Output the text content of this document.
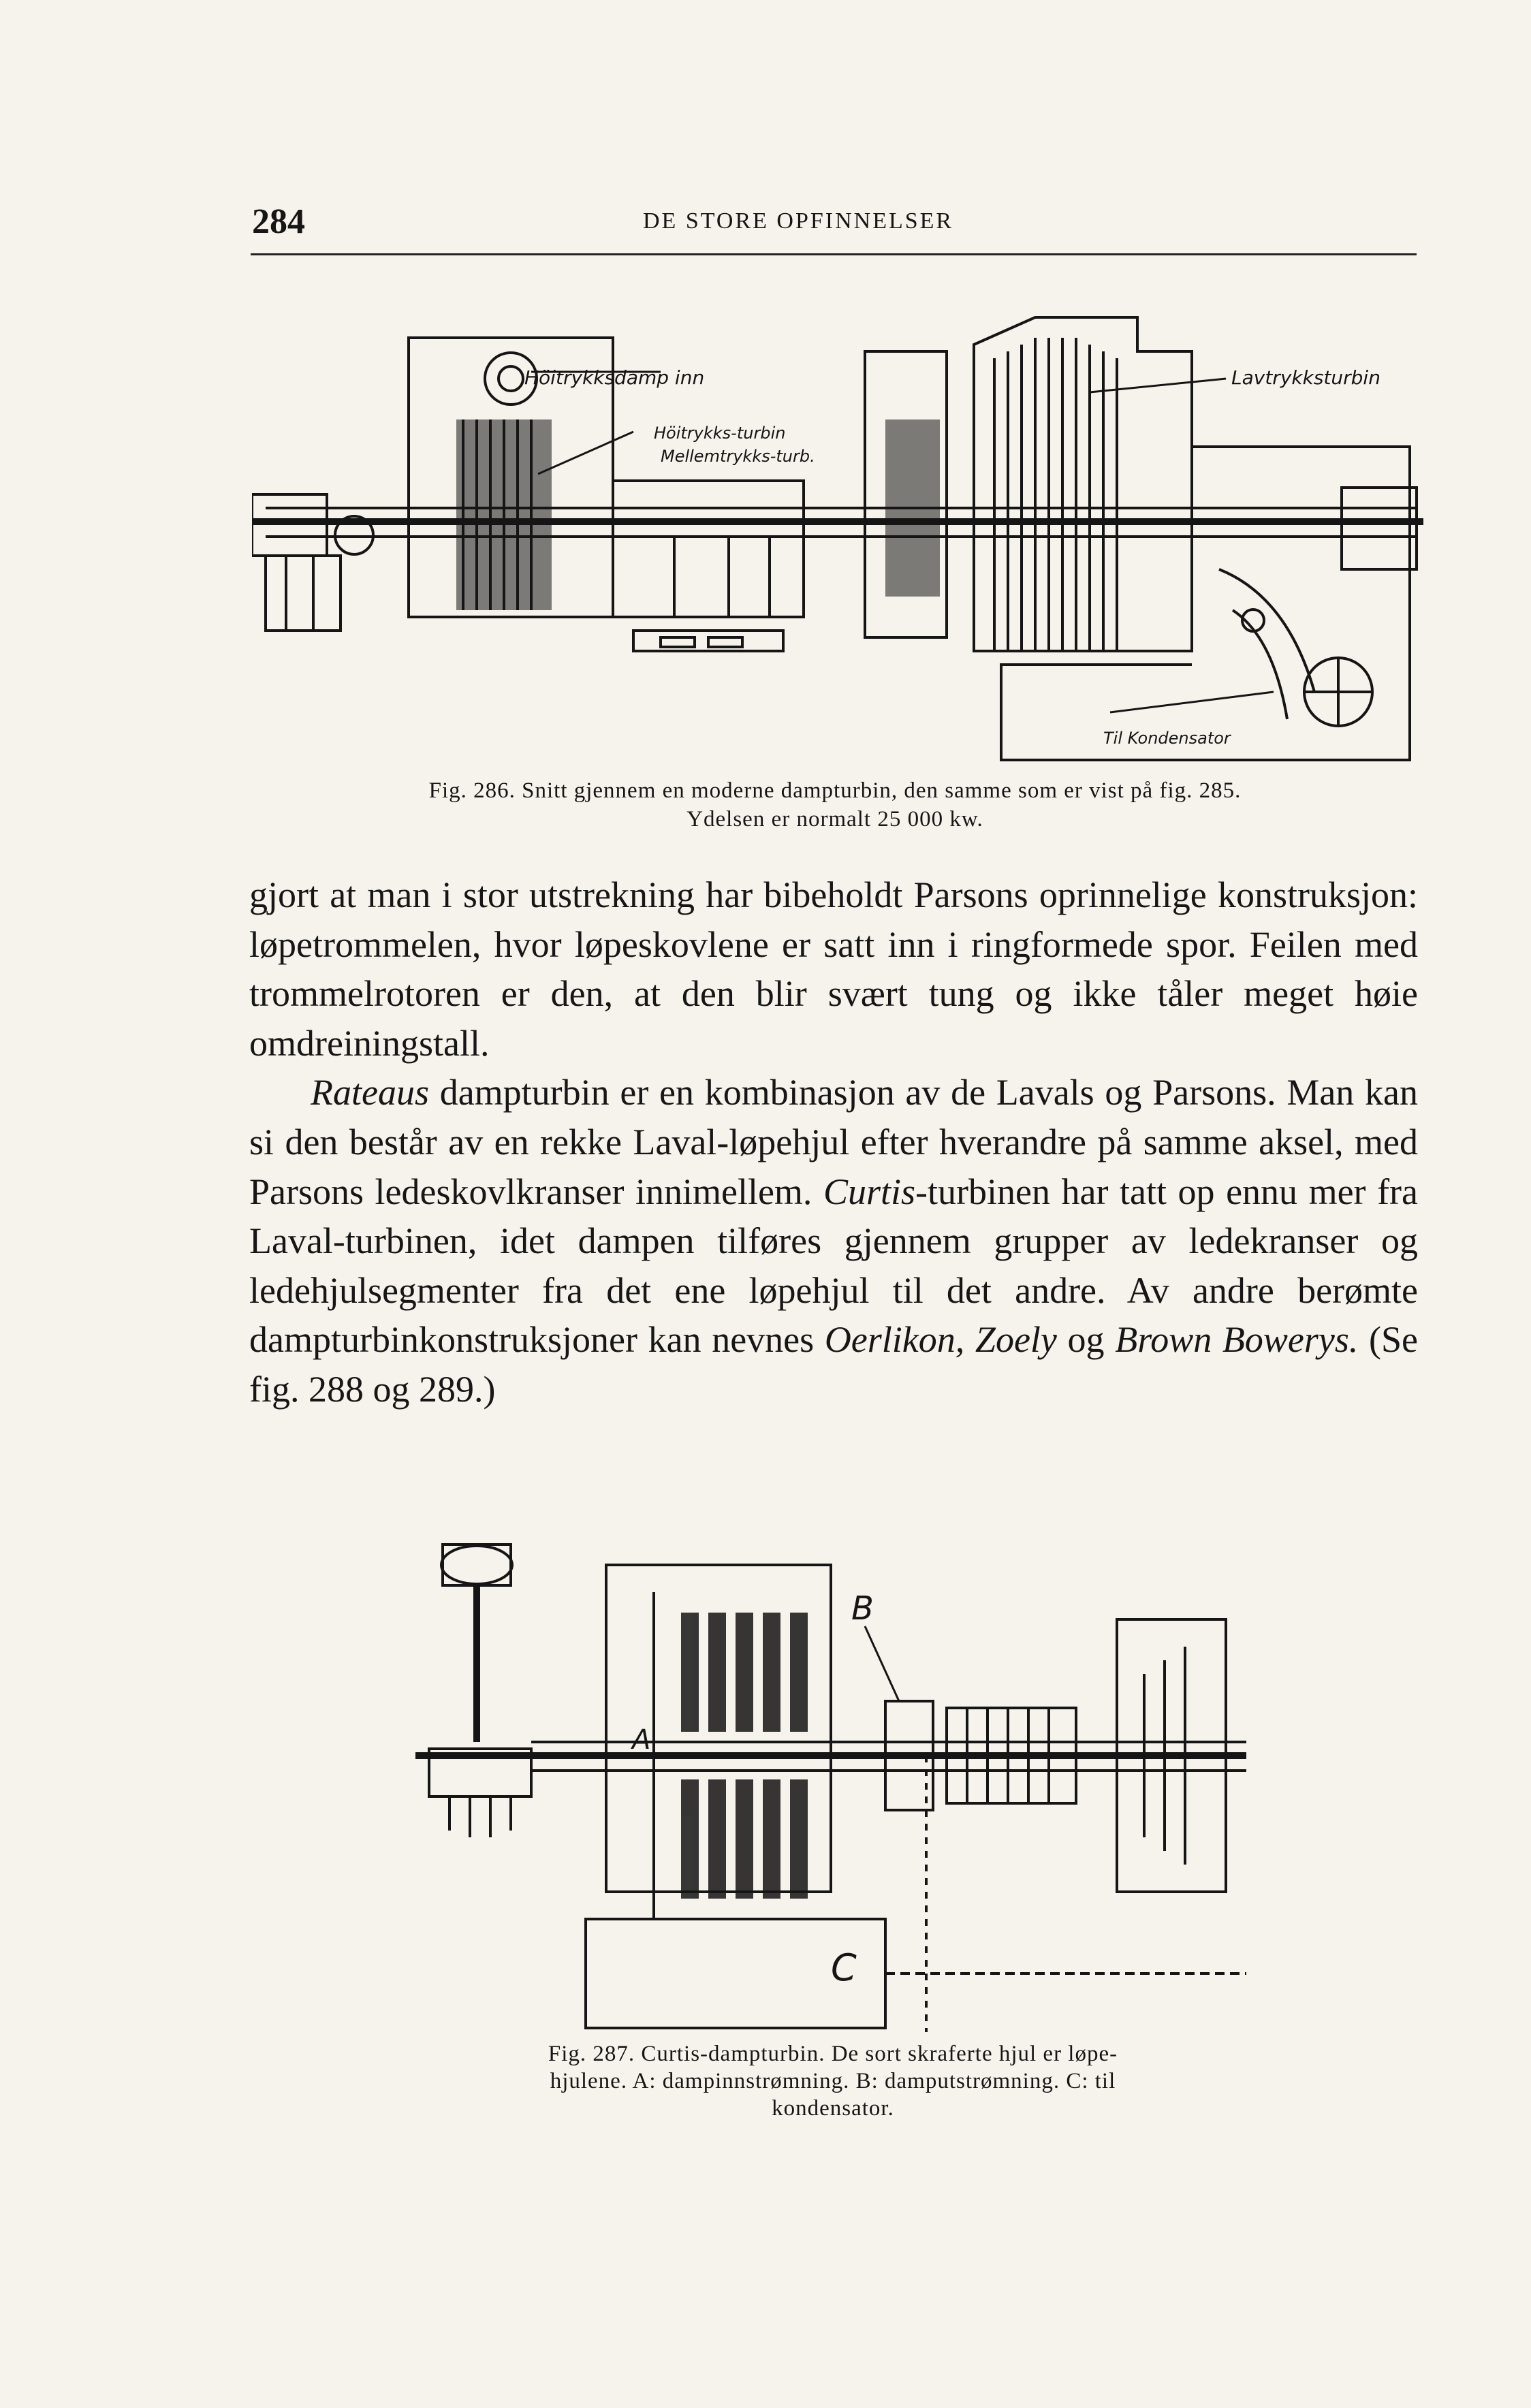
284	DE STORE OPFINNELSER
Höitrykksdamp inn
Höitrykks-turbin
Mellemtrykks-turb.
Lavtrykksturbin
Til Kondensator
Fig. 286. Snitt gjennem en moderne dampturbin, den samme som er vist på fig. 285.
Ydelsen er normalt 25 000 kw.

gjort at man i stor utstrekning har bibeholdt Parsons oprinnelige konstruksjon: løpetrommelen, hvor løpeskovlene er satt inn i ringformede spor. Feilen med trommelrotoren er den, at den blir svært tung og ikke tåler meget høie omdreiningstall.

Rateaus dampturbin er en kombinasjon av de Lavals og Parsons. Man kan si den består av en rekke Laval-løpehjul efter hverandre på samme aksel, med Parsons ledeskovlkranser innimellem. Curtis-turbinen har tatt op ennu mer fra Laval-turbinen, idet dampen tilføres gjennem grupper av ledekranser og ledehjulsegmenter fra det ene løpehjul til det andre. Av andre berømte dampturbinkonstruksjoner kan nevnes Oerlikon, Zoely og Brown Bowerys. (Se fig. 288 og 289.)

A
B
C
Fig. 287. Curtis-dampturbin. De sort skraferte hjul er løpe-
hjulene. A: dampinnstrømning. B: damputstrømning. C: til
kondensator.
